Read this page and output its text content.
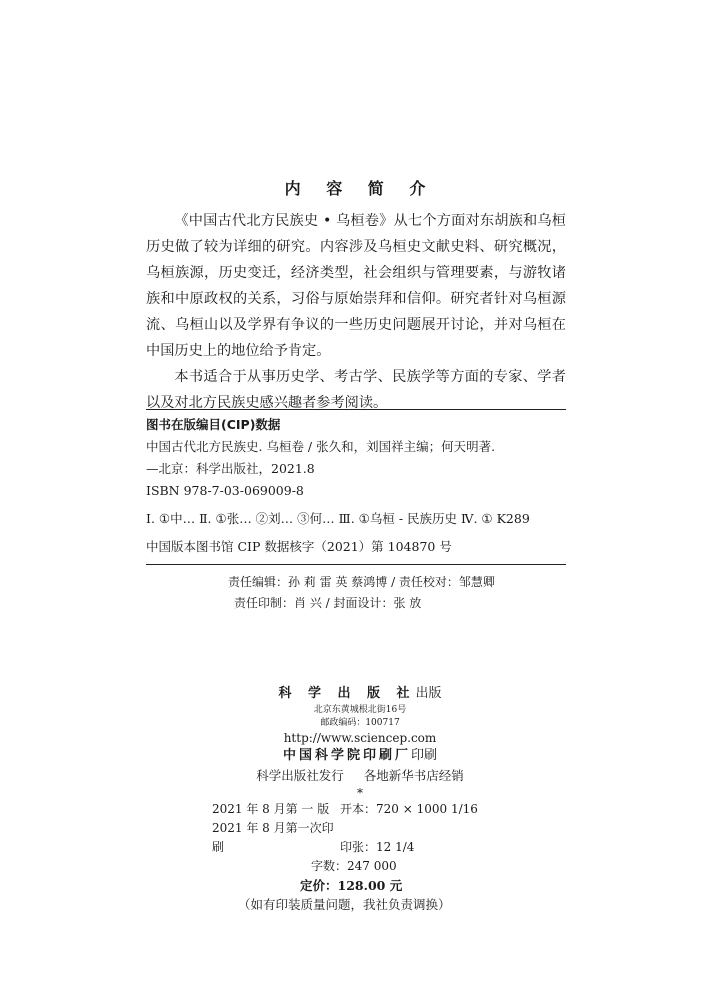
内 容 简 介

《中国古代北方民族史 • 乌桓卷》从七个方面对东胡族和乌桓历史做了较为详细的研究。内容涉及乌桓史文献史料、研究概况，乌桓族源，历史变迁，经济类型，社会组织与管理要素，与游牧诸族和中原政权的关系，习俗与原始崇拜和信仰。研究者针对乌桓源流、乌桓山以及学界有争议的一些历史问题展开讨论，并对乌桓在中国历史上的地位给予肯定。

本书适合于从事历史学、考古学、民族学等方面的专家、学者以及对北方民族史感兴趣者参考阅读。

图书在版编目(CIP)数据
中国古代北方民族史. 乌桓卷 / 张久和，刘国祥主编；何天明著.
—北京：科学出版社，2021.8
ISBN 978-7-03-069009-8
Ⅰ. ①中… Ⅱ. ①张… ②刘… ③何… Ⅲ. ①乌桓 - 民族历史 Ⅳ. ① K289
中国版本图书馆 CIP 数据核字（2021）第 104870 号
责任编辑：孙 莉 雷 英 蔡鸿博 / 责任校对：邹慧卿
责任印制：肖 兴 / 封面设计：张 放
科 学 出 版 社出版
北京东黄城根北街16号
邮政编码：100717
http://www.sciencep.com
中国科学院印刷厂印刷
科学出版社发行 各地新华书店经销
*
2021 年 8 月第 一 版 开本：720 × 1000 1/16
2021 年 8 月第一次印刷	印张：12 1/4
字数：247 000
定价：128.00 元
（如有印装质量问题，我社负责调换）
